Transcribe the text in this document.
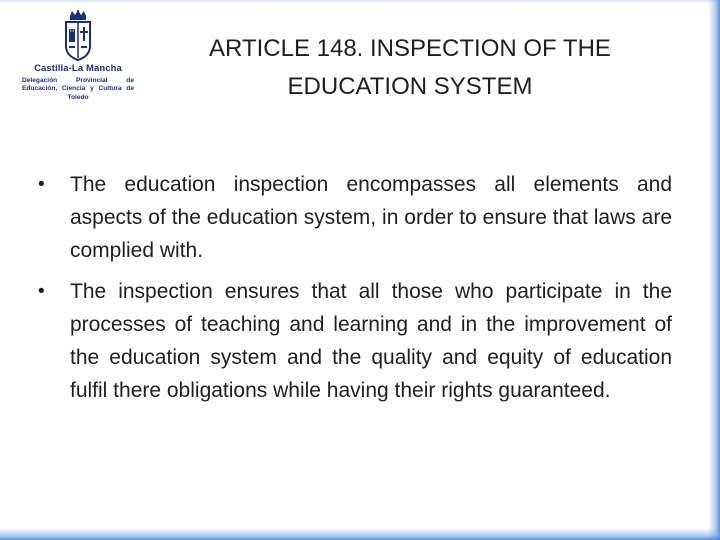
Castilla-La Mancha
Delegación Provincial de Educación, Ciencia y Cultura de Toledo
ARTICLE 148. INSPECTION OF THE
EDUCATION SYSTEM
• The education inspection encompasses all elements and aspects of the education system, in order to ensure that laws are complied with.
• The inspection ensures that all those who participate in the processes of teaching and learning and in the improvement of the education system and the quality and equity of education fulfil there obligations while having their rights guaranteed.
